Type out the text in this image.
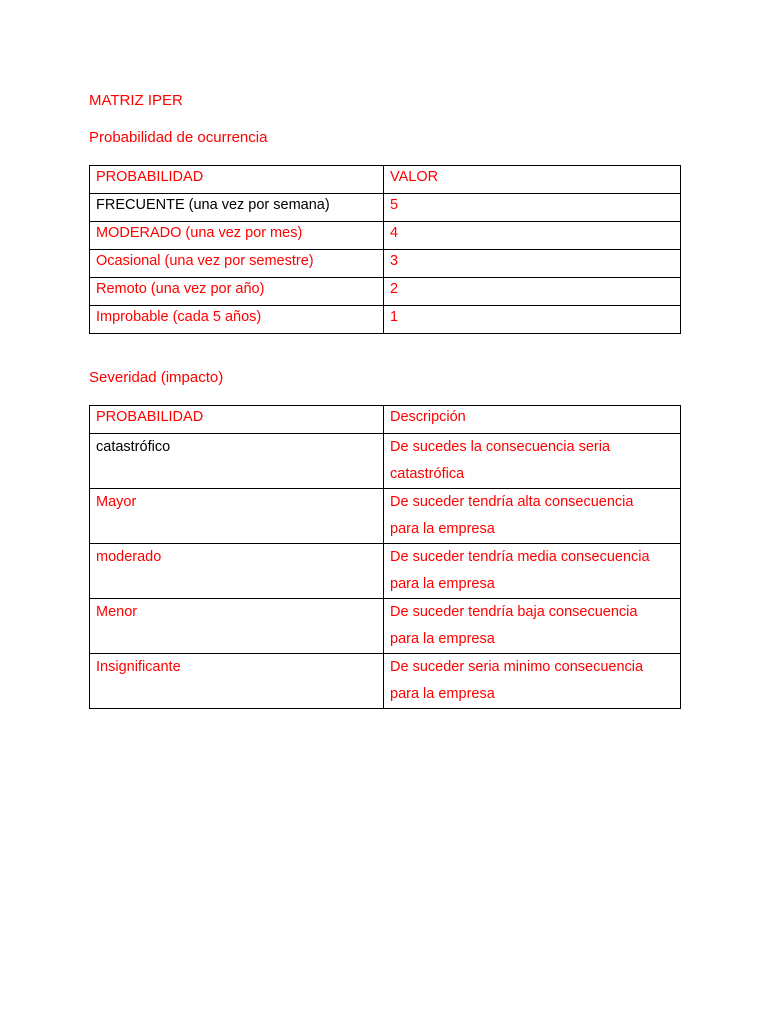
MATRIZ IPER
Probabilidad de ocurrencia
PROBABILIDAD	VALOR
FRECUENTE (una vez por semana)	5
MODERADO (una vez por mes)	4
Ocasional (una vez por semestre)	3
Remoto (una vez por año)	2
Improbable (cada 5 años)	1
Severidad (impacto)
PROBABILIDAD	Descripción
catastrófico	De sucedes la consecuencia seria
catastrófica
Mayor	De suceder tendría alta consecuencia
para la empresa
moderado	De suceder tendría media consecuencia
para la empresa
Menor	De suceder tendría baja consecuencia
para la empresa
Insignificante	De suceder seria minimo consecuencia
para la empresa
